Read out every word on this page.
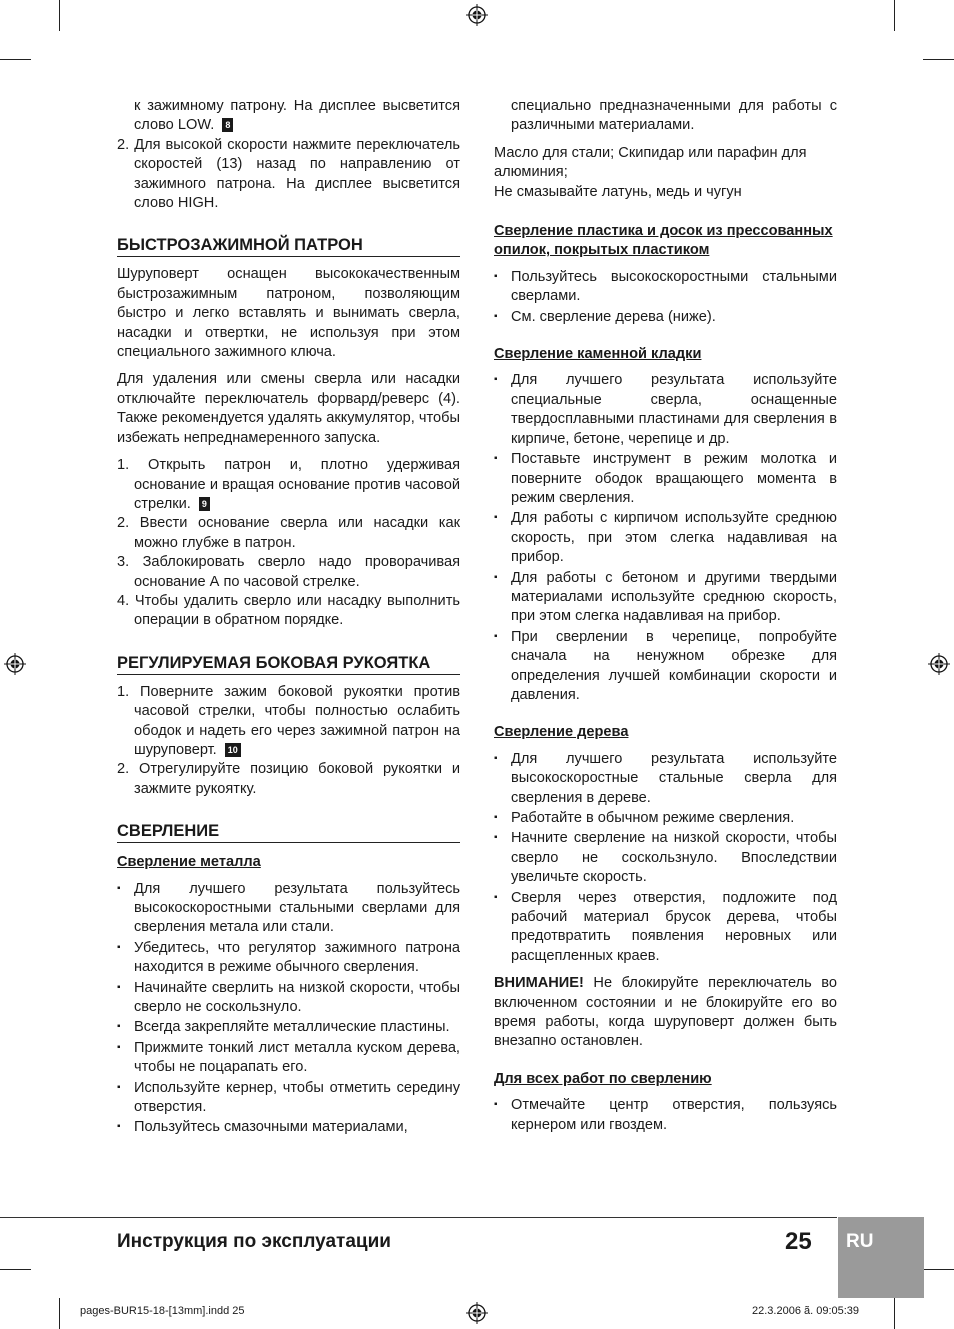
к зажимному патрону. На дисплее высветится слово LOW. 8

2. Для высокой скорости нажмите переключатель скоростей (13) назад по направлению от зажимного патрона. На дисплее высветится слово HIGH.

БЫСТРОЗАЖИМНОЙ ПАТРОН

Шуруповерт оснащен высококачественным быстрозажимным патроном, позволяющим быстро и легко вставлять и вынимать сверла, насадки и отвертки, не используя при этом специального зажимного ключа.

Для удаления или смены сверла или насадки отключайте переключатель форвард/реверс (4). Также рекомендуется удалять аккумулятор, чтобы избежать непреднамеренного запуска.

1. Открыть патрон и, плотно удерживая основание и вращая основание против часовой стрелки. 9

2. Ввести основание сверла или насадки как можно глубже в патрон.

3. Заблокировать сверло надо проворачивая основание А по часовой стрелке.

4. Чтобы удалить сверло или насадку выполнить операции в обратном порядке.

РЕГУЛИРУЕМАЯ БОКОВАЯ РУКОЯТКА

1. Поверните зажим боковой рукоятки против часовой стрелки, чтобы полностью ослабить ободок и надеть его через зажимной патрон на шуруповерт. 10

2. Отрегулируйте позицию боковой рукоятки и зажмите рукоятку.

СВЕРЛЕНИЕ
Сверление металла

▪ Для лучшего результата пользуйтесь высокоскоростными стальными сверлами для сверления метала или стали.

▪ Убедитесь, что регулятор зажимного патрона находится в режиме обычного сверления.

▪ Начинайте сверлить на низкой скорости, чтобы сверло не соскользнуло.

▪ Всегда закрепляйте металлические пластины.

▪ Прижмите тонкий лист металла куском дерева, чтобы не поцарапать его.

▪ Используйте кернер, чтобы отметить середину отверстия.

▪ Пользуйтесь смазочными материалами,

специально предназначенными для работы с различными материалами.

Масло для стали; Скипидар или парафин для алюминия;

Не смазывайте латунь, медь и чугун

Сверление пластика и досок из прессованных опилок, покрытых пластиком

▪ Пользуйтесь высокоскоростными стальными сверлами.

▪ См. сверление дерева (ниже).

Сверление каменной кладки

▪ Для лучшего результата используйте специальные сверла, оснащенные твердосплавными пластинами для сверления в кирпиче, бетоне, черепице и др.

▪ Поставьте инструмент в режим молотка и поверните ободок вращающего момента в режим сверления.

▪ Для работы с кирпичом используйте среднюю скорость, при этом слегка надавливая на прибор.

▪ Для работы с бетоном и другими твердыми материалами используйте среднюю скорость, при этом слегка надавливая на прибор.

▪ При сверлении в черепице, попробуйте сначала на ненужном обрезке для определения лучшей комбинации скорости и давления.

Сверление дерева

▪ Для лучшего результата используйте высокоскоростные стальные сверла для сверления в дереве.

▪ Работайте в обычном режиме сверления.

▪ Начните сверление на низкой скорости, чтобы сверло не соскользнуло. Впоследствии увеличьте скорость.

▪ Сверля через отверстия, подложите под рабочий материал брусок дерева, чтобы предотвратить появления неровных или расщепленных краев.

ВНИМАНИЕ! Не блокируйте переключатель во включенном состоянии и не блокируйте его во время работы, когда шуруповерт должен быть внезапно остановлен.

Для всех работ по сверлению

▪ Отмечайте центр отверстия, пользуясь кернером или гвоздем.

Инструкция по эксплуатации	25 RU
pages-BUR15-18-[13mm].indd 25	22.3.2006 ã. 09:05:39
